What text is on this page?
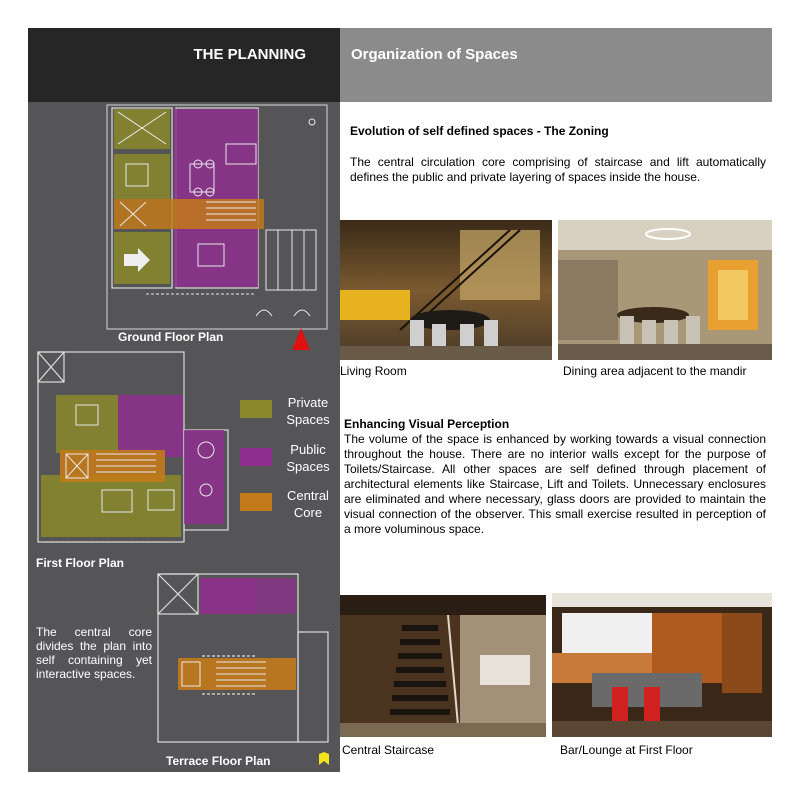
THE PLANNING	Organization of Spaces
Ground Floor Plan
First Floor Plan
Private
Spaces
Public
Spaces
Central
Core
Terrace Floor Plan
The central core divides the plan into self containing yet interactive spaces.
Evolution of self defined spaces - The Zoning
The central circulation core comprising of staircase and lift automatically defines the public and private layering of spaces inside the house.
Living Room	Dining area adjacent to the mandir
Enhancing Visual Perception
The volume of the space is enhanced by working towards a visual connection throughout the house. There are no interior walls except for the purpose of Toilets/Staircase. All other spaces are self defined through placement of architectural elements like Staircase, Lift and Toilets. Unnecessary enclosures are eliminated and where necessary, glass doors are provided to maintain the visual connection of the observer. This small exercise resulted in perception of a more voluminous space.
Central Staircase	Bar/Lounge at First Floor
